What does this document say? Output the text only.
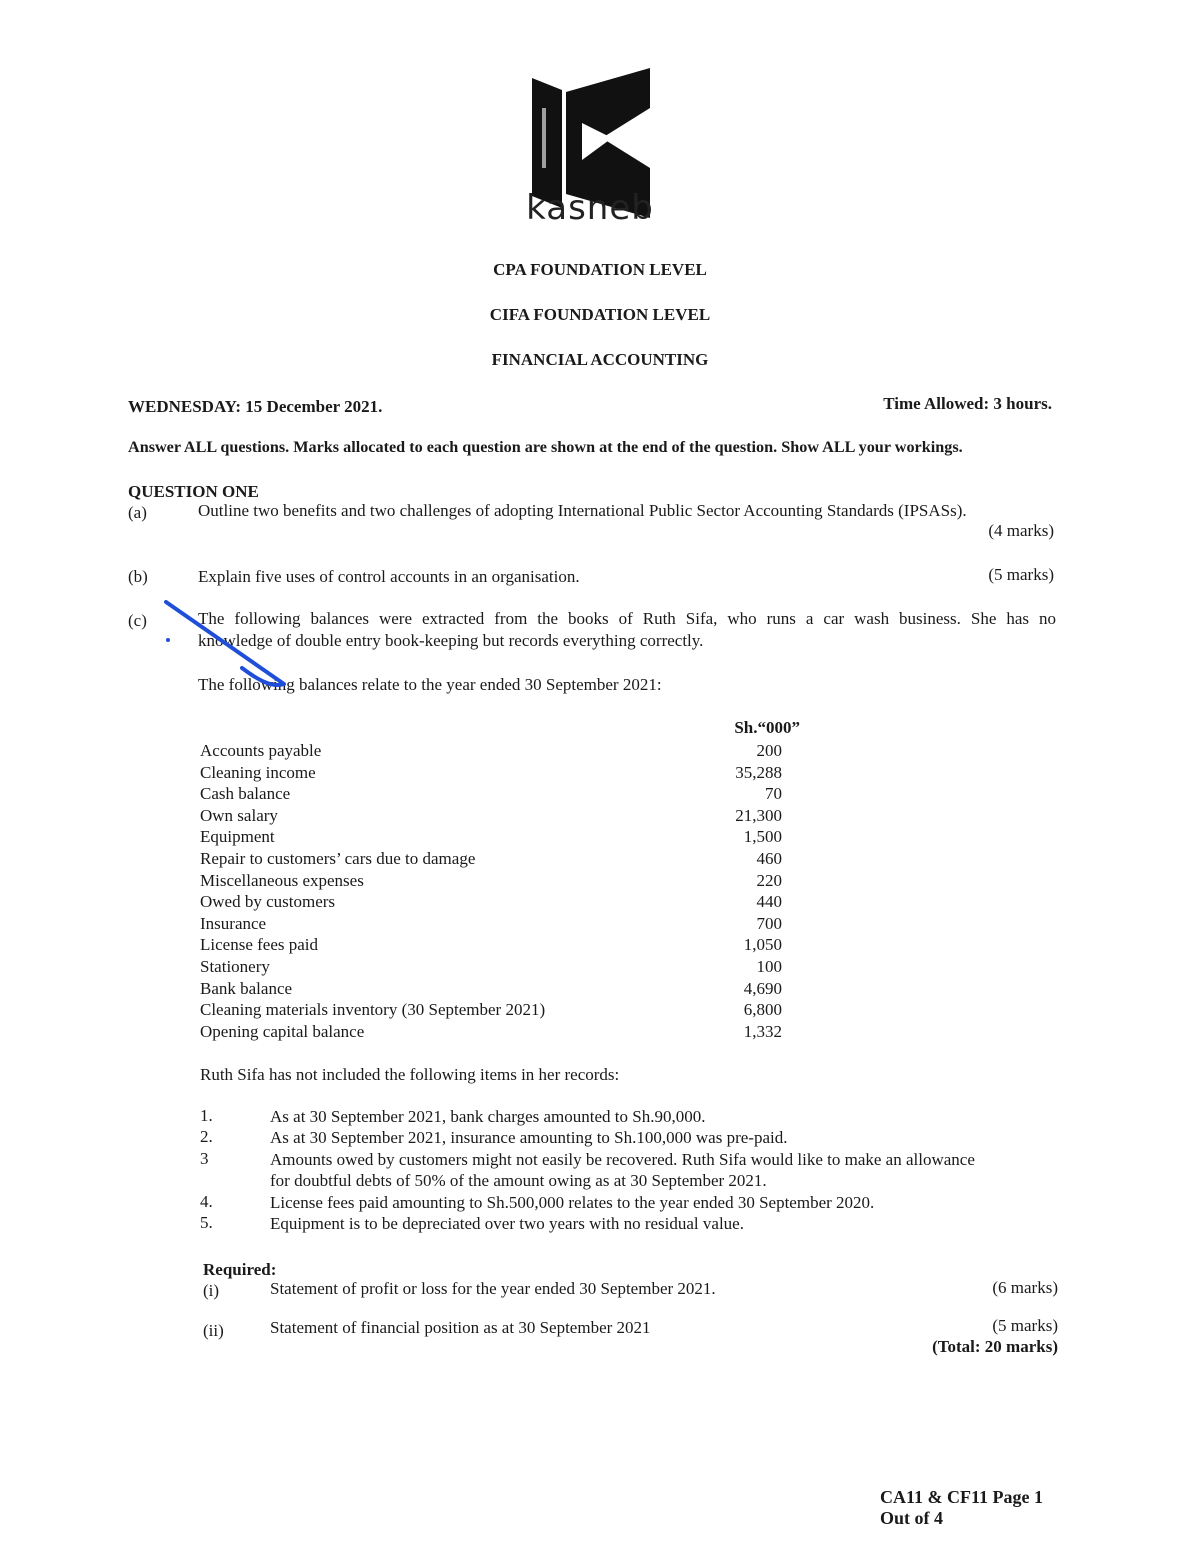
kasneb
CPA FOUNDATION LEVEL
CIFA FOUNDATION LEVEL
FINANCIAL ACCOUNTING
WEDNESDAY: 15 December 2021.	Time Allowed: 3 hours.
Answer ALL questions. Marks allocated to each question are shown at the end of the question. Show ALL your workings.
QUESTION ONE
(a)	Outline two benefits and two challenges of adopting International Public Sector Accounting Standards (IPSASs).
(4 marks)
(b)	Explain five uses of control accounts in an organisation.	(5 marks)
(c)	The following balances were extracted from the books of Ruth Sifa, who runs a car wash business. She has no
knowledge of double entry book-keeping but records everything correctly.
The following balances relate to the year ended 30 September 2021:
Sh.“000”
Accounts payable	200
Cleaning income	35,288
Cash balance	70
Own salary	21,300
Equipment	1,500
Repair to customers’ cars due to damage	460
Miscellaneous expenses	220
Owed by customers	440
Insurance	700
License fees paid	1,050
Stationery	100
Bank balance	4,690
Cleaning materials inventory (30 September 2021)	6,800
Opening capital balance	1,332
Ruth Sifa has not included the following items in her records:
1.	As at 30 September 2021, bank charges amounted to Sh.90,000.
2.	As at 30 September 2021, insurance amounting to Sh.100,000 was pre-paid.
3	Amounts owed by customers might not easily be recovered. Ruth Sifa would like to make an allowance
for doubtful debts of 50% of the amount owing as at 30 September 2021.
4.	License fees paid amounting to Sh.500,000 relates to the year ended 30 September 2020.
5.	Equipment is to be depreciated over two years with no residual value.
Required:
(i)	Statement of profit or loss for the year ended 30 September 2021.	(6 marks)
(ii)	Statement of financial position as at 30 September 2021	(5 marks)
(Total: 20 marks)
CA11 & CF11 Page 1
Out of 4
